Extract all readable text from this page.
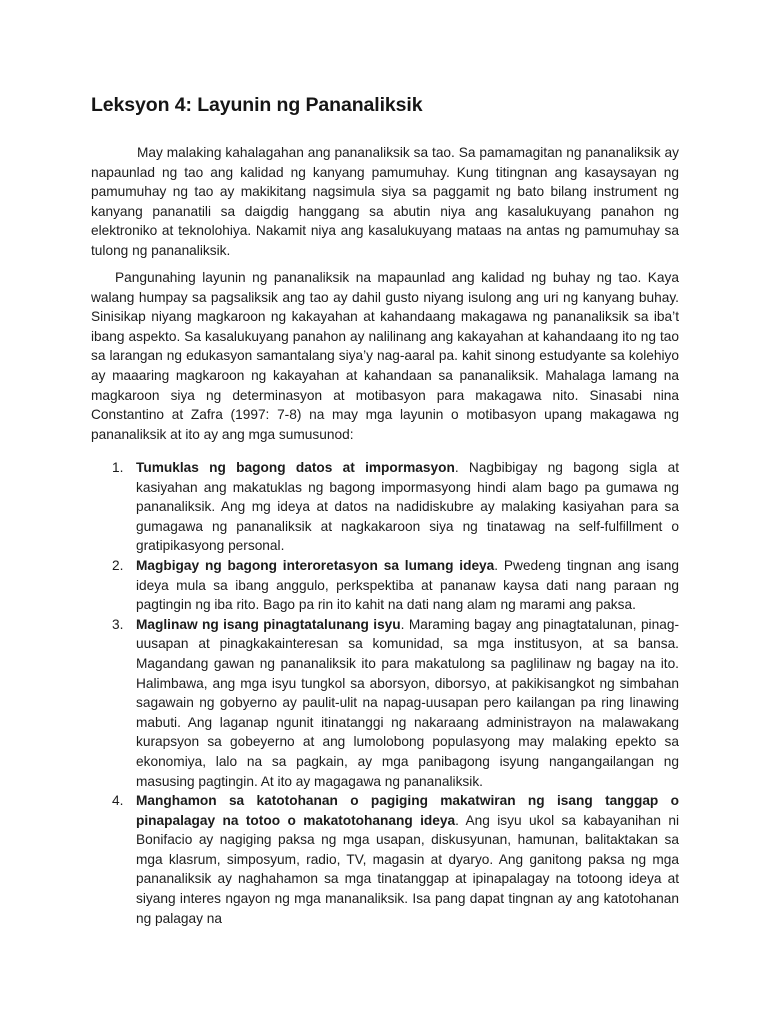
Leksyon 4: Layunin ng Pananaliksik

May malaking kahalagahan ang pananaliksik sa tao. Sa pamamagitan ng pananaliksik ay napaunlad ng tao ang kalidad ng kanyang pamumuhay. Kung titingnan ang kasaysayan ng pamumuhay ng tao ay makikitang nagsimula siya sa paggamit ng bato bilang instrument ng kanyang pananatili sa daigdig hanggang sa abutin niya ang kasalukuyang panahon ng elektroniko at teknolohiya. Nakamit niya ang kasalukuyang mataas na antas ng pamumuhay sa tulong ng pananaliksik.

Pangunahing layunin ng pananaliksik na mapaunlad ang kalidad ng buhay ng tao. Kaya walang humpay sa pagsaliksik ang tao ay dahil gusto niyang isulong ang uri ng kanyang buhay. Sinisikap niyang magkaroon ng kakayahan at kahandaang makagawa ng pananaliksik sa iba’t ibang aspekto. Sa kasalukuyang panahon ay nalilinang ang kakayahan at kahandaang ito ng tao sa larangan ng edukasyon samantalang siya’y nag-aaral pa. kahit sinong estudyante sa kolehiyo ay maaaring magkaroon ng kakayahan at kahandaan sa pananaliksik. Mahalaga lamang na magkaroon siya ng determinasyon at motibasyon para makagawa nito. Sinasabi nina Constantino at Zafra (1997: 7-8) na may mga layunin o motibasyon upang makagawa ng pananaliksik at ito ay ang mga sumusunod:

1. Tumuklas ng bagong datos at impormasyon. Nagbibigay ng bagong sigla at kasiyahan ang makatuklas ng bagong impormasyong hindi alam bago pa gumawa ng pananaliksik. Ang mg ideya at datos na nadidiskubre ay malaking kasiyahan para sa gumagawa ng pananaliksik at nagkakaroon siya ng tinatawag na self-fulfillment o gratipikasyong personal.
2. Magbigay ng bagong interoretasyon sa lumang ideya. Pwedeng tingnan ang isang ideya mula sa ibang anggulo, perkspektiba at pananaw kaysa dati nang paraan ng pagtingin ng iba rito. Bago pa rin ito kahit na dati nang alam ng marami ang paksa.
3. Maglinaw ng isang pinagtatalunang isyu. Maraming bagay ang pinagtatalunan, pinag-uusapan at pinagkakainteresan sa komunidad, sa mga institusyon, at sa bansa. Magandang gawan ng pananaliksik ito para makatulong sa paglilinaw ng bagay na ito. Halimbawa, ang mga isyu tungkol sa aborsyon, diborsyo, at pakikisangkot ng simbahan sagawain ng gobyerno ay paulit-ulit na napag-uusapan pero kailangan pa ring linawing mabuti. Ang laganap ngunit itinatanggi ng nakaraang administrayon na malawakang kurapsyon sa gobeyerno at ang lumolobong populasyong may malaking epekto sa ekonomiya, lalo na sa pagkain, ay mga panibagong isyung nangangailangan ng masusing pagtingin. At ito ay magagawa ng pananaliksik.
4. Manghamon sa katotohanan o pagiging makatwiran ng isang tanggap o pinapalagay na totoo o makatotohanang ideya. Ang isyu ukol sa kabayanihan ni Bonifacio ay nagiging paksa ng mga usapan, diskusyunan, hamunan, balitaktakan sa mga klasrum, simposyum, radio, TV, magasin at dyaryo. Ang ganitong paksa ng mga pananaliksik ay naghahamon sa mga tinatanggap at ipinapalagay na totoong ideya at siyang interes ngayon ng mga mananaliksik. Isa pang dapat tingnan ay ang katotohanan ng palagay na
